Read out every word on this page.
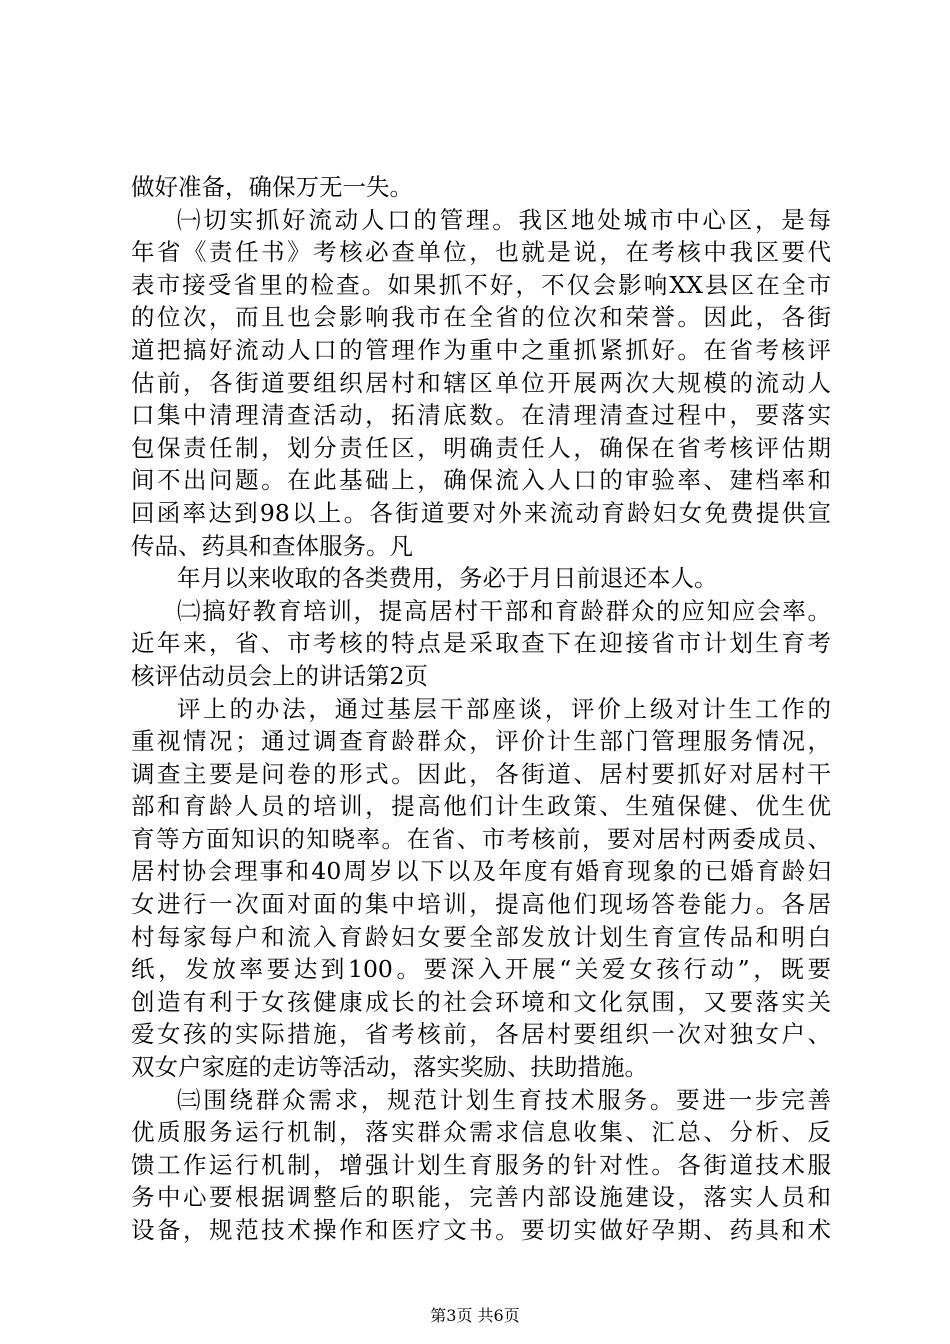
做好准备，确保万无一失。
㈠切实抓好流动人口的管理。我区地处城市中心区，是每
年省《责任书》考核必查单位，也就是说，在考核中我区要代
表市接受省里的检查。如果抓不好，不仅会影响XX县区在全市
的位次，而且也会影响我市在全省的位次和荣誉。因此，各街
道把搞好流动人口的管理作为重中之重抓紧抓好。在省考核评
估前，各街道要组织居村和辖区单位开展两次大规模的流动人
口集中清理清查活动，拓清底数。在清理清查过程中，要落实
包保责任制，划分责任区，明确责任人，确保在省考核评估期
间不出问题。在此基础上，确保流入人口的审验率、建档率和
回函率达到98以上。各街道要对外来流动育龄妇女免费提供宣
传品、药具和查体服务。凡
年月以来收取的各类费用，务必于月日前退还本人。
㈡搞好教育培训，提高居村干部和育龄群众的应知应会率。
近年来，省、市考核的特点是采取查下在迎接省市计划生育考
核评估动员会上的讲话第2页
评上的办法，通过基层干部座谈，评价上级对计生工作的
重视情况；通过调查育龄群众，评价计生部门管理服务情况，
调查主要是问卷的形式。因此，各街道、居村要抓好对居村干
部和育龄人员的培训，提高他们计生政策、生殖保健、优生优
育等方面知识的知晓率。在省、市考核前，要对居村两委成员、
居村协会理事和40周岁以下以及年度有婚育现象的已婚育龄妇
女进行一次面对面的集中培训，提高他们现场答卷能力。各居
村每家每户和流入育龄妇女要全部发放计划生育宣传品和明白
纸，发放率要达到100。要深入开展“关爱女孩行动”，既要
创造有利于女孩健康成长的社会环境和文化氛围，又要落实关
爱女孩的实际措施，省考核前，各居村要组织一次对独女户、
双女户家庭的走访等活动，落实奖励、扶助措施。
㈢围绕群众需求，规范计划生育技术服务。要进一步完善
优质服务运行机制，落实群众需求信息收集、汇总、分析、反
馈工作运行机制，增强计划生育服务的针对性。各街道技术服
务中心要根据调整后的职能，完善内部设施建设，落实人员和
设备，规范技术操作和医疗文书。要切实做好孕期、药具和术
第3页 共6页
